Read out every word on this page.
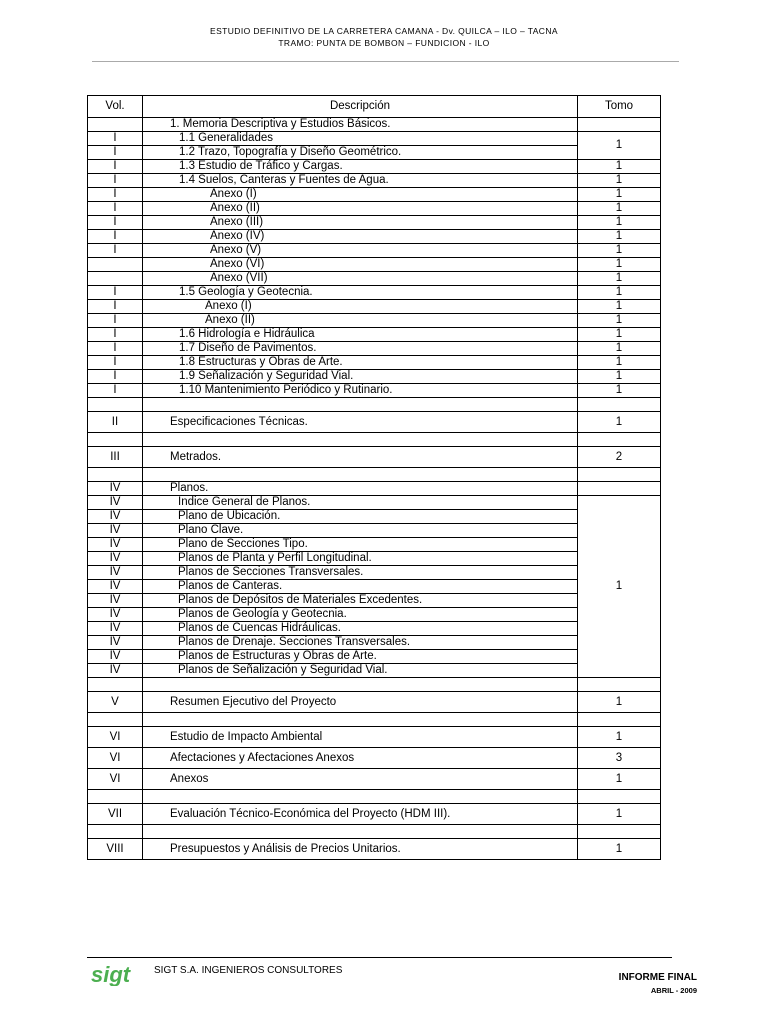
ESTUDIO DEFINITIVO DE LA CARRETERA CAMANA - Dv. QUILCA – ILO – TACNA
TRAMO: PUNTA DE BOMBON – FUNDICION - ILO
Vol.	Descripción	Tomo
	1. Memoria Descriptiva y Estudios Básicos.	
I	1.1 Generalidades	1
I	1.2 Trazo, Topografía y Diseño Geométrico.	
I	1.3 Estudio de Tráfico y Cargas.	1
I	1.4 Suelos, Canteras y Fuentes de Agua.	1
I	Anexo (I)	1
I	Anexo (II)	1
I	Anexo (III)	1
I	Anexo (IV)	1
I	Anexo (V)	1
	Anexo (VI)	1
	Anexo (VII)	1
I	1.5 Geología y Geotecnia.	1
I	Anexo (I)	1
I	Anexo (II)	1
I	1.6 Hidrología e Hidráulica	1
I	1.7 Diseño de Pavimentos.	1
I	1.8 Estructuras y Obras de Arte.	1
I	1.9 Señalización y Seguridad Vial.	1
I	1.10 Mantenimiento Periódico y Rutinario.	1

II	Especificaciones Técnicas.	1

III	Metrados.	2

IV	Planos.	
IV	Indice General de Planos.	1
IV	Plano de Ubicación.	
IV	Plano Clave.	
IV	Plano de Secciones Tipo.	
IV	Planos de Planta y Perfil Longitudinal.	
IV	Planos de Secciones Transversales.	
IV	Planos de Canteras.	
IV	Planos de Depósitos de Materiales Excedentes.	
IV	Planos de Geología y Geotecnia.	
IV	Planos de Cuencas Hidráulicas.	
IV	Planos de Drenaje. Secciones Transversales.	
IV	Planos de Estructuras y Obras de Arte.	
IV	Planos de Señalización y Seguridad Vial.	

V	Resumen Ejecutivo del Proyecto	1

VI	Estudio de Impacto Ambiental	1
VI	Afectaciones y Afectaciones Anexos	3
VI	Anexos	1

VII	Evaluación Técnico-Económica del Proyecto (HDM III).	1

VIII	Presupuestos y Análisis de Precios Unitarios.	1
sigt SIGT S.A. INGENIEROS CONSULTORES
INFORME FINAL
ABRIL - 2009
